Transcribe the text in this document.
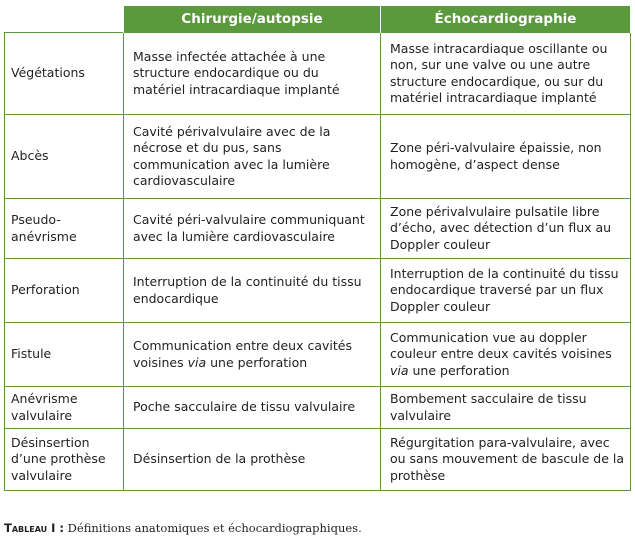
	Chirurgie/autopsie	Échocardiographie
Végétations	Masse infectée attachée à une structure endocardique ou du matériel intracardiaque implanté	Masse intracardiaque oscillante ou non, sur une valve ou une autre structure endocardique, ou sur du matériel intracardiaque implanté
Abcès	Cavité périvalvulaire avec de la nécrose et du pus, sans communication avec la lumière cardiovasculaire	Zone péri-valvulaire épaissie, non homogène, d’aspect dense
Pseudo-anévrisme	Cavité péri-valvulaire communiquant avec la lumière cardiovasculaire	Zone périvalvulaire pulsatile libre d’écho, avec détection d’un flux au Doppler couleur
Perforation	Interruption de la continuité du tissu endocardique	Interruption de la continuité du tissu endocardique traversé par un flux Doppler couleur
Fistule	Communication entre deux cavités voisines via une perforation	Communication vue au doppler couleur entre deux cavités voisines via une perforation
Anévrisme valvulaire	Poche sacculaire de tissu valvulaire	Bombement sacculaire de tissu valvulaire
Désinsertion d’une prothèse valvulaire	Désinsertion de la prothèse	Régurgitation para-valvulaire, avec ou sans mouvement de bascule de la prothèse
Tableau I : Définitions anatomiques et échocardiographiques.
